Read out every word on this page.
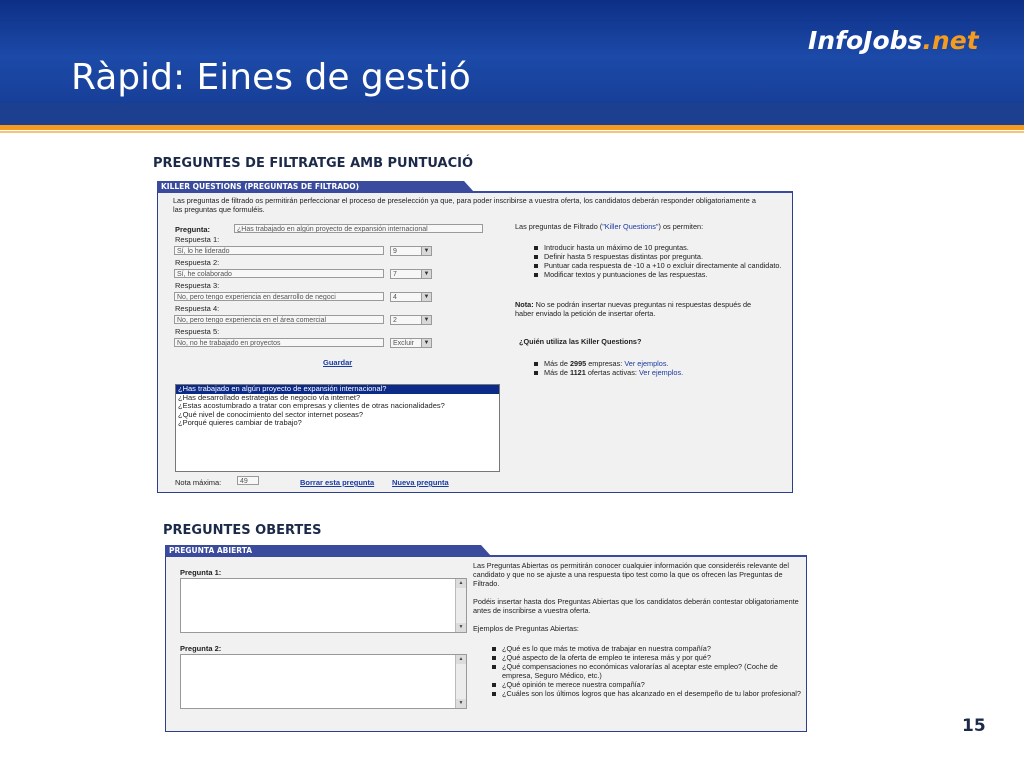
Ràpid: Eines de gestió
InfoJobs.net
PREGUNTES DE FILTRATGE AMB PUNTUACIÓ
KILLER QUESTIONS (PREGUNTAS DE FILTRADO)
Las preguntas de filtrado os permitirán perfeccionar el proceso de preselección ya que, para poder inscribirse a vuestra oferta, los candidatos deberán responder obligatoriamente a las preguntas que formuléis.
Pregunta:	¿Has trabajado en algún proyecto de expansión internacional
Respuesta 1:
Sí, lo he liderado	9	▼
Respuesta 2:
Sí, he colaborado	7	▼
Respuesta 3:
No, pero tengo experiencia en desarrollo de negoci	4	▼
Respuesta 4:
No, pero tengo experiencia en el área comercial	2	▼
Respuesta 5:
No, no he trabajado en proyectos	Excluir	▼
Guardar
¿Has trabajado en algún proyecto de expansión internacional?
¿Has desarrollado estrategias de negocio vía internet?
¿Estas acostumbrado a tratar con empresas y clientes de otras nacionalidades?
¿Qué nivel de conocimiento del sector internet poseas?
¿Porqué quieres cambiar de trabajo?
Nota máxima:	49	Borrar esta pregunta Nueva pregunta
Las preguntas de Filtrado ("Killer Questions") os permiten:
Introducir hasta un máximo de 10 preguntas.
Definir hasta 5 respuestas distintas por pregunta.
Puntuar cada respuesta de -10 a +10 o excluir directamente al candidato.
Modificar textos y puntuaciones de las respuestas.
Nota: No se podrán insertar nuevas preguntas ni respuestas después de haber enviado la petición de insertar oferta.
¿Quién utiliza las Killer Questions?
Más de 2995 empresas: Ver ejemplos.
Más de 1121 ofertas activas: Ver ejemplos.
PREGUNTES OBERTES
PREGUNTA ABIERTA
Pregunta 1:
▲
▼
Pregunta 2:
▲
▼
Las Preguntas Abiertas os permitirán conocer cualquier información que consideréis relevante del candidato y que no se ajuste a una respuesta tipo test como la que os ofrecen las Preguntas de Filtrado.
Podéis insertar hasta dos Preguntas Abiertas que los candidatos deberán contestar obligatoriamente antes de inscribirse a vuestra oferta.
Ejemplos de Preguntas Abiertas:
¿Qué es lo que más te motiva de trabajar en nuestra compañía?
¿Qué aspecto de la oferta de empleo te interesa más y por qué?
¿Qué compensaciones no económicas valorarías al aceptar este empleo? (Coche de empresa, Seguro Médico, etc.)
¿Qué opinión te merece nuestra compañía?
¿Cuáles son los últimos logros que has alcanzado en el desempeño de tu labor profesional?
15
